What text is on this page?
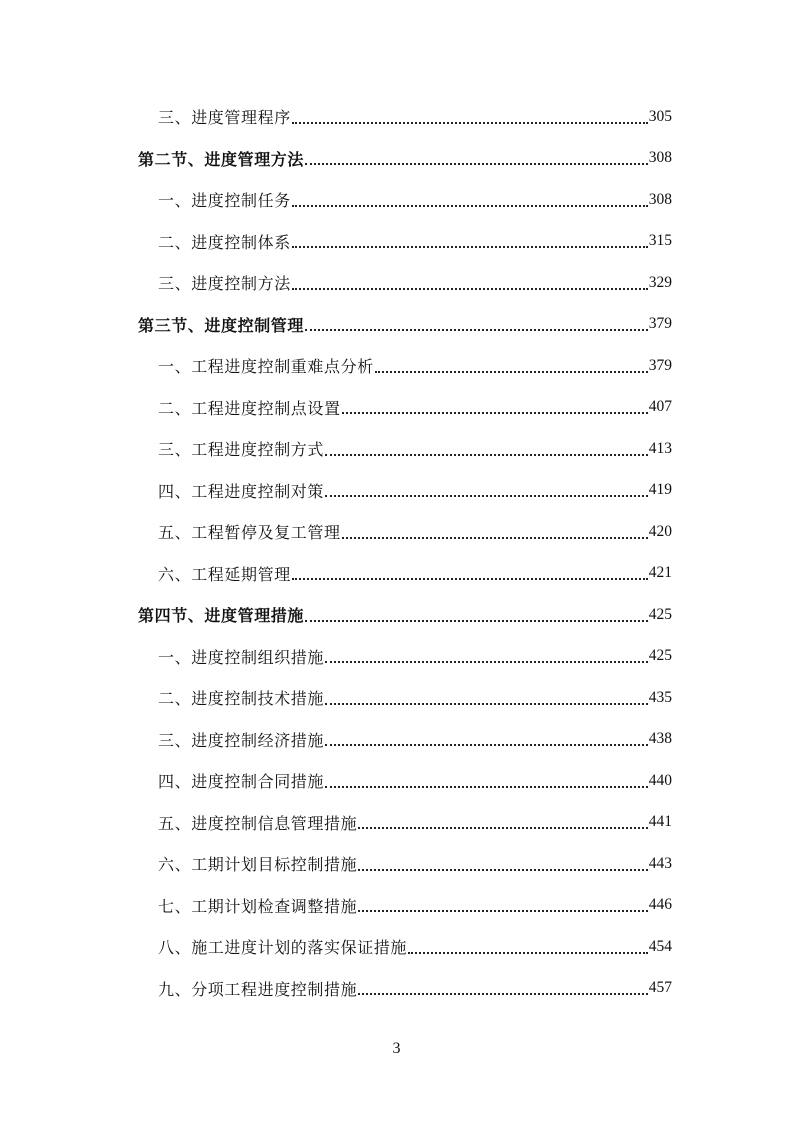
三、进度管理程序	305
第二节、进度管理方法	308
一、进度控制任务	308
二、进度控制体系	315
三、进度控制方法	329
第三节、进度控制管理	379
一、工程进度控制重难点分析	379
二、工程进度控制点设置	407
三、工程进度控制方式	413
四、工程进度控制对策	419
五、工程暂停及复工管理	420
六、工程延期管理	421
第四节、进度管理措施	425
一、进度控制组织措施	425
二、进度控制技术措施	435
三、进度控制经济措施	438
四、进度控制合同措施	440
五、进度控制信息管理措施	441
六、工期计划目标控制措施	443
七、工期计划检查调整措施	446
八、施工进度计划的落实保证措施	454
九、分项工程进度控制措施	457
3
